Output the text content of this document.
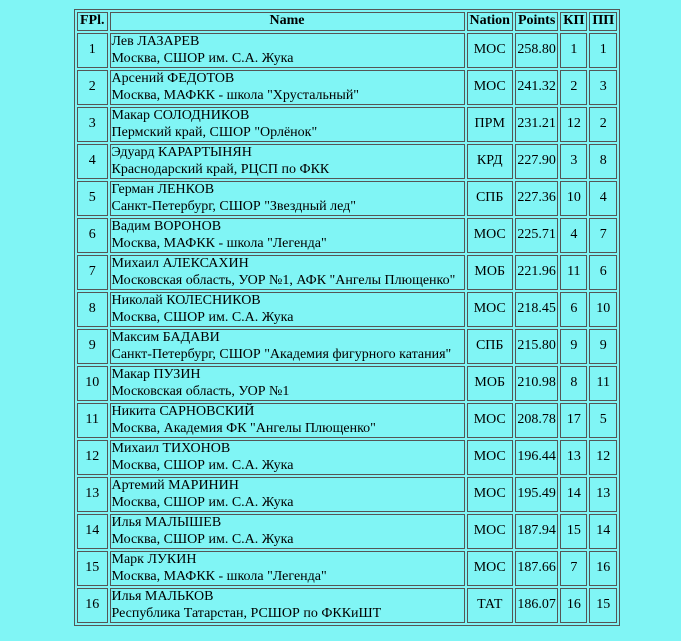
FPl.	Name	Nation	Points	КП	ПП
1	Лев ЛАЗАРЕВ
Москва, СШОР им. С.А. Жука	МОС	258.80	1	1
2	Арсений ФЕДОТОВ
Москва, МАФКК - школа "Хрустальный"	МОС	241.32	2	3
3	Макар СОЛОДНИКОВ
Пермский край, СШОР "Орлёнок"	ПРМ	231.21	12	2
4	Эдуард КАРАРТЫНЯН
Краснодарский край, РЦСП по ФКК	КРД	227.90	3	8
5	Герман ЛЕНКОВ
Санкт-Петербург, СШОР "Звездный лед"	СПБ	227.36	10	4
6	Вадим ВОРОНОВ
Москва, МАФКК - школа "Легенда"	МОС	225.71	4	7
7	Михаил АЛЕКСАХИН
Московская область, УОР №1, АФК "Ангелы Плющенко"	МОБ	221.96	11	6
8	Николай КОЛЕСНИКОВ
Москва, СШОР им. С.А. Жука	МОС	218.45	6	10
9	Максим БАДАВИ
Санкт-Петербург, СШОР "Академия фигурного катания"	СПБ	215.80	9	9
10	Макар ПУЗИН
Московская область, УОР №1	МОБ	210.98	8	11
11	Никита САРНОВСКИЙ
Москва, Академия ФК "Ангелы Плющенко"	МОС	208.78	17	5
12	Михаил ТИХОНОВ
Москва, СШОР им. С.А. Жука	МОС	196.44	13	12
13	Артемий МАРИНИН
Москва, СШОР им. С.А. Жука	МОС	195.49	14	13
14	Илья МАЛЫШЕВ
Москва, СШОР им. С.А. Жука	МОС	187.94	15	14
15	Марк ЛУКИН
Москва, МАФКК - школа "Легенда"	МОС	187.66	7	16
16	Илья МАЛЬКОВ
Республика Татарстан, РСШОР по ФККиШТ	ТАТ	186.07	16	15
